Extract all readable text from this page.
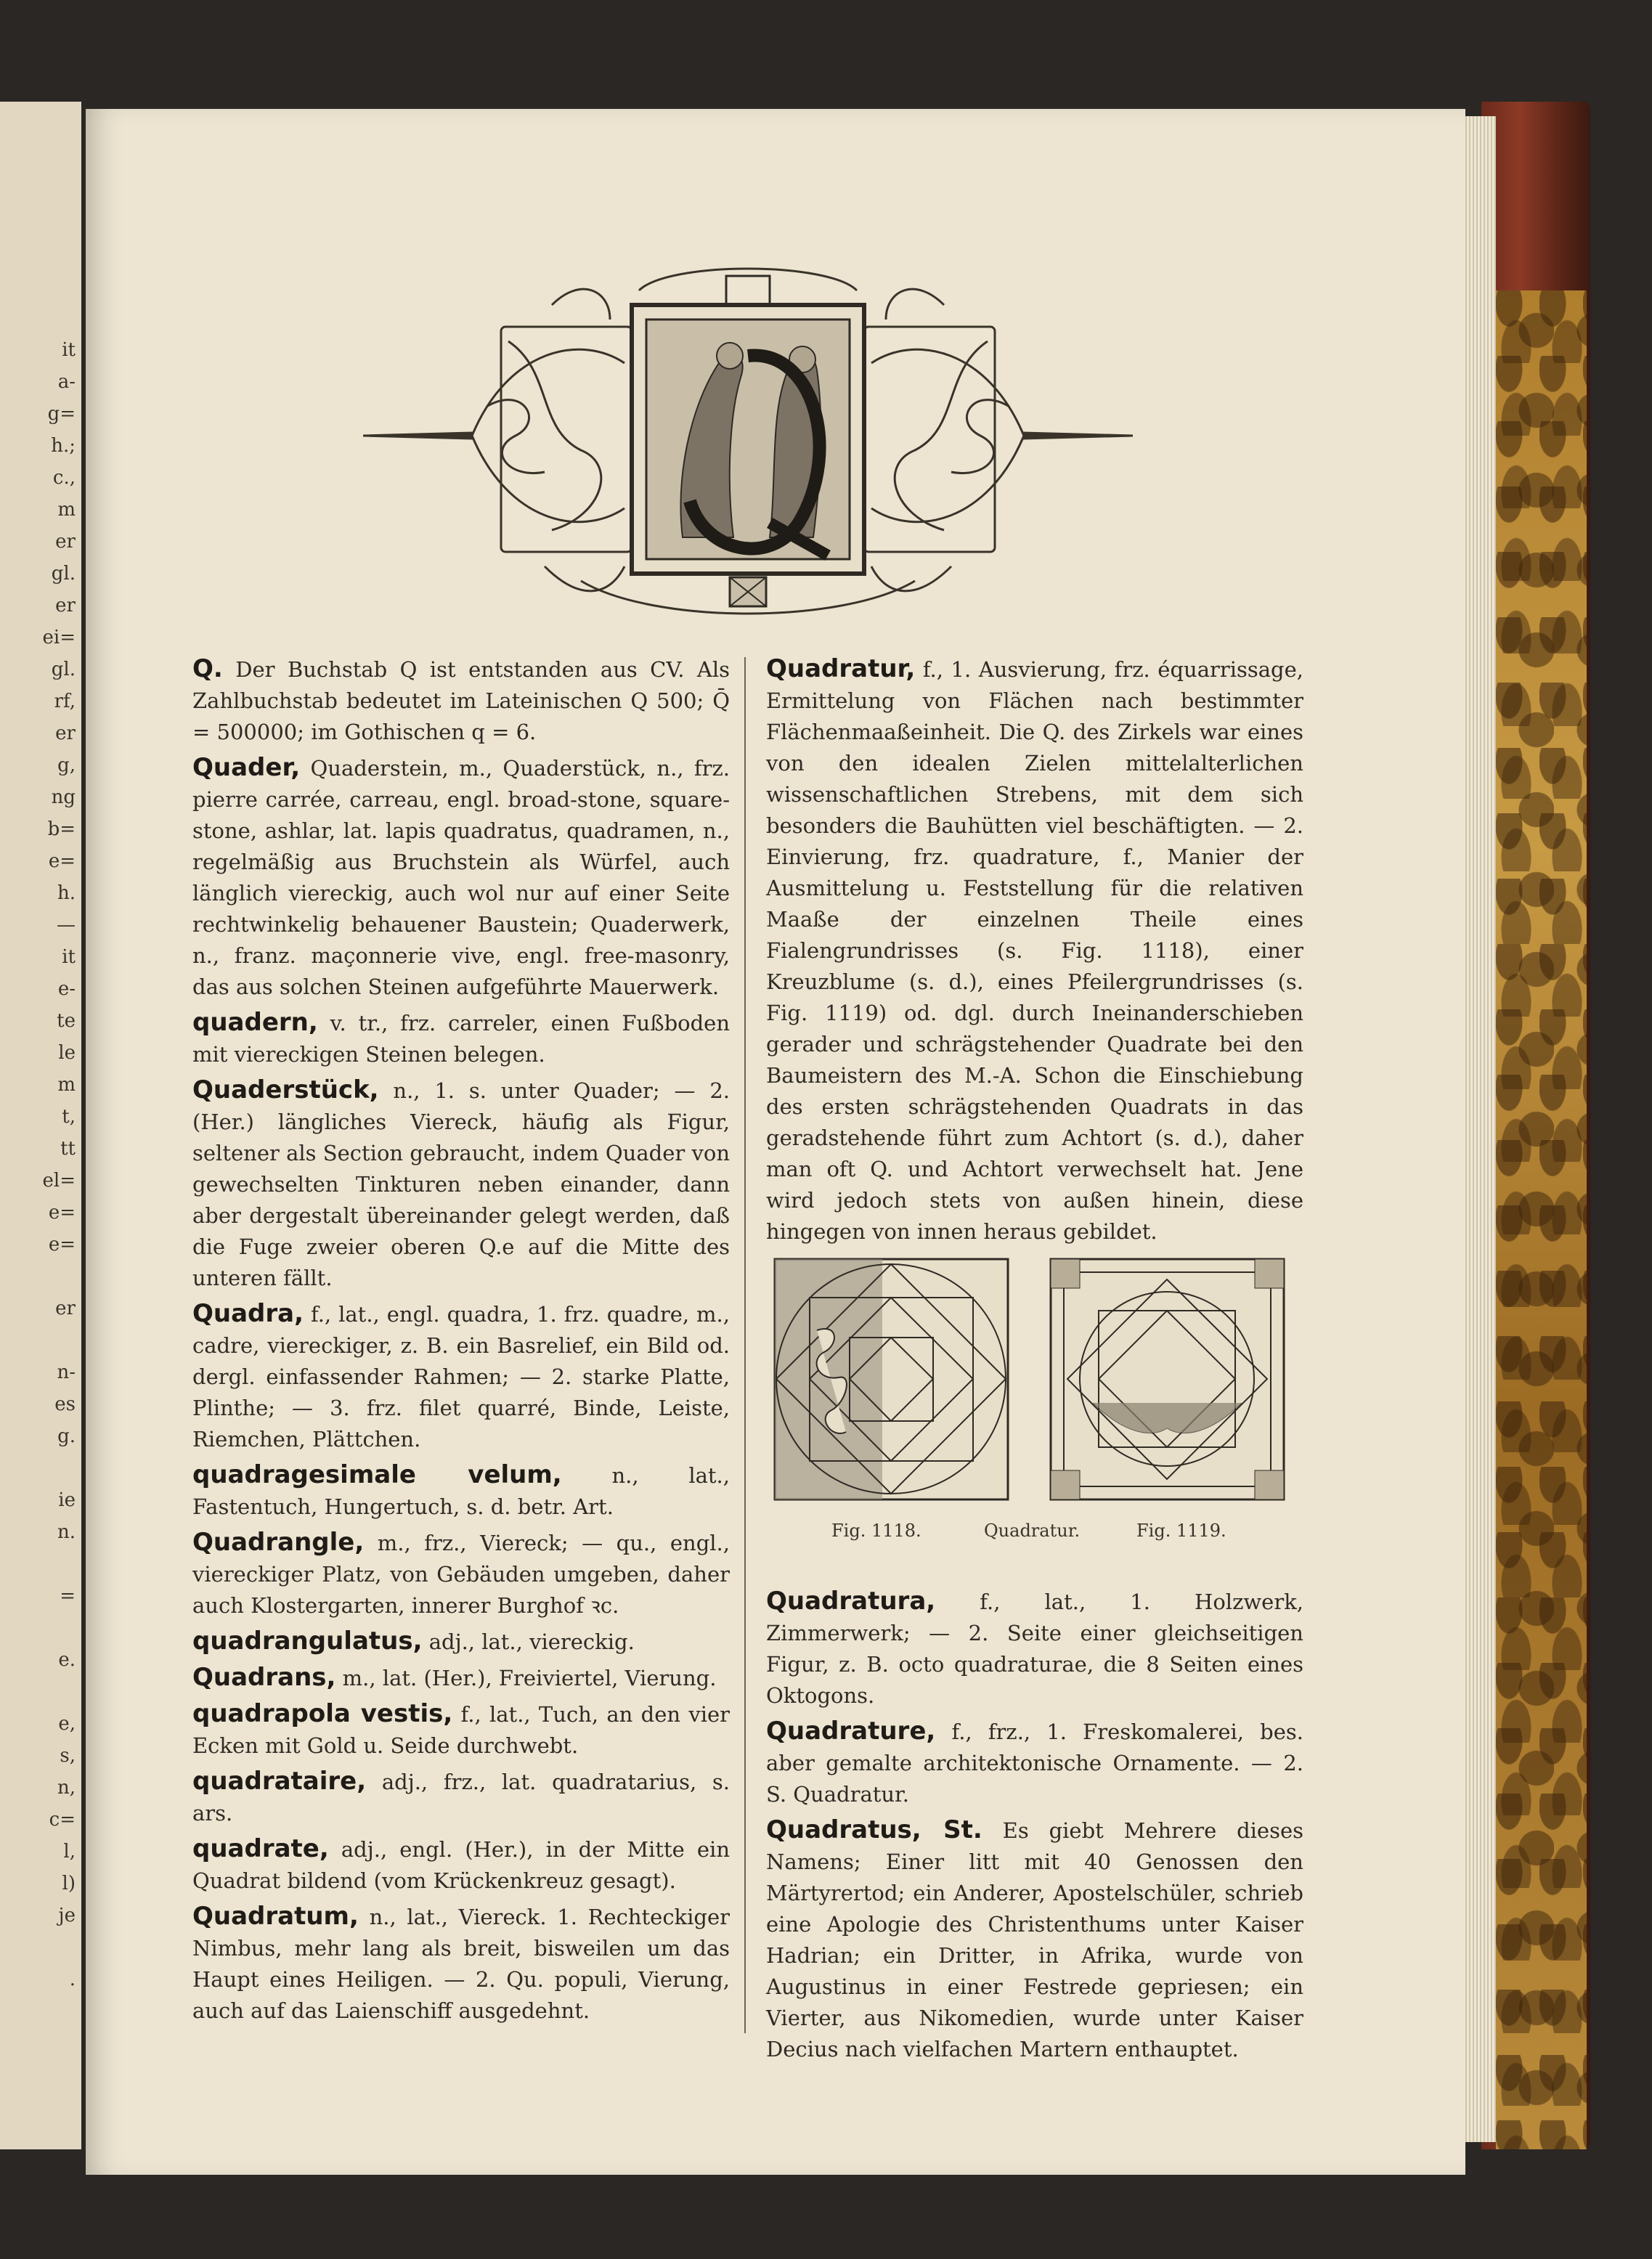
it
a-
g=
h.;
c.,
m
er
gl.
er
ei=
gl.
rf,
er
g,
ng
b=
e=
h.
—
it
e-
te
le
m
t,
tt
el=
e=
e=

er

n-
es
g.

ie
n.

=

e.

e,
s,
n,
c=
l,
l)
je

.

Q. Der Buchstab Q ist entstanden aus CV. Als Zahlbuchstab bedeutet im Lateinischen Q 500; Q̄ = 500000; im Gothischen q = 6.

Quader, Quaderstein, m., Quaderstück, n., frz. pierre carrée, carreau, engl. broad-stone, square-stone, ashlar, lat. lapis quadratus, quadramen, n., regelmäßig aus Bruchstein als Würfel, auch länglich viereckig, auch wol nur auf einer Seite rechtwinkelig behauener Baustein; Quaderwerk, n., franz. maçonnerie vive, engl. free-masonry, das aus solchen Steinen aufgeführte Mauerwerk.

quadern, v. tr., frz. carreler, einen Fußboden mit viereckigen Steinen belegen.

Quaderstück, n., 1. s. unter Quader; — 2. (Her.) längliches Viereck, häufig als Figur, seltener als Section gebraucht, indem Quader von gewechselten Tinkturen neben einander, dann aber dergestalt übereinander gelegt werden, daß die Fuge zweier oberen Q.e auf die Mitte des unteren fällt.

Quadra, f., lat., engl. quadra, 1. frz. quadre, m., cadre, viereckiger, z. B. ein Basrelief, ein Bild od. dergl. einfassender Rahmen; — 2. starke Platte, Plinthe; — 3. frz. filet quarré, Binde, Leiste, Riemchen, Plättchen.

quadragesimale velum, n., lat., Fastentuch, Hungertuch, s. d. betr. Art.

Quadrangle, m., frz., Viereck; — qu., engl., viereckiger Platz, von Gebäuden umgeben, daher auch Klostergarten, innerer Burghof ꝛc.

quadrangulatus, adj., lat., viereckig.

Quadrans, m., lat. (Her.), Freiviertel, Vierung.

quadrapola vestis, f., lat., Tuch, an den vier Ecken mit Gold u. Seide durchwebt.

quadrataire, adj., frz., lat. quadratarius, s. ars.

quadrate, adj., engl. (Her.), in der Mitte ein Quadrat bildend (vom Krückenkreuz gesagt).

Quadratum, n., lat., Viereck. 1. Rechteckiger Nimbus, mehr lang als breit, bisweilen um das Haupt eines Heiligen. — 2. Qu. populi, Vierung, auch auf das Laienschiff ausgedehnt.

Quadratur, f., 1. Ausvierung, frz. équarrissage, Ermittelung von Flächen nach bestimmter Flächenmaaßeinheit. Die Q. des Zirkels war eines von den idealen Zielen mittelalterlichen wissenschaftlichen Strebens, mit dem sich besonders die Bauhütten viel beschäftigten. — 2. Einvierung, frz. quadrature, f., Manier der Ausmittelung u. Feststellung für die relativen Maaße der einzelnen Theile eines Fialengrundrisses (s. Fig. 1118), einer Kreuzblume (s. d.), eines Pfeilergrundrisses (s. Fig. 1119) od. dgl. durch Ineinanderschieben gerader und schrägstehender Quadrate bei den Baumeistern des M.-A. Schon die Einschiebung des ersten schrägstehenden Quadrats in das geradstehende führt zum Achtort (s. d.), daher man oft Q. und Achtort verwechselt hat. Jene wird jedoch stets von außen hinein, diese hingegen von innen heraus gebildet.

Fig. 1118.	Quadratur.	Fig. 1119.

Quadratura, f., lat., 1. Holzwerk, Zimmerwerk; — 2. Seite einer gleichseitigen Figur, z. B. octo quadraturae, die 8 Seiten eines Oktogons.

Quadrature, f., frz., 1. Freskomalerei, bes. aber gemalte architektonische Ornamente. — 2. S. Quadratur.

Quadratus, St. Es giebt Mehrere dieses Namens; Einer litt mit 40 Genossen den Märtyrertod; ein Anderer, Apostelschüler, schrieb eine Apologie des Christenthums unter Kaiser Hadrian; ein Dritter, in Afrika, wurde von Augustinus in einer Festrede gepriesen; ein Vierter, aus Nikomedien, wurde unter Kaiser Decius nach vielfachen Martern enthauptet.
